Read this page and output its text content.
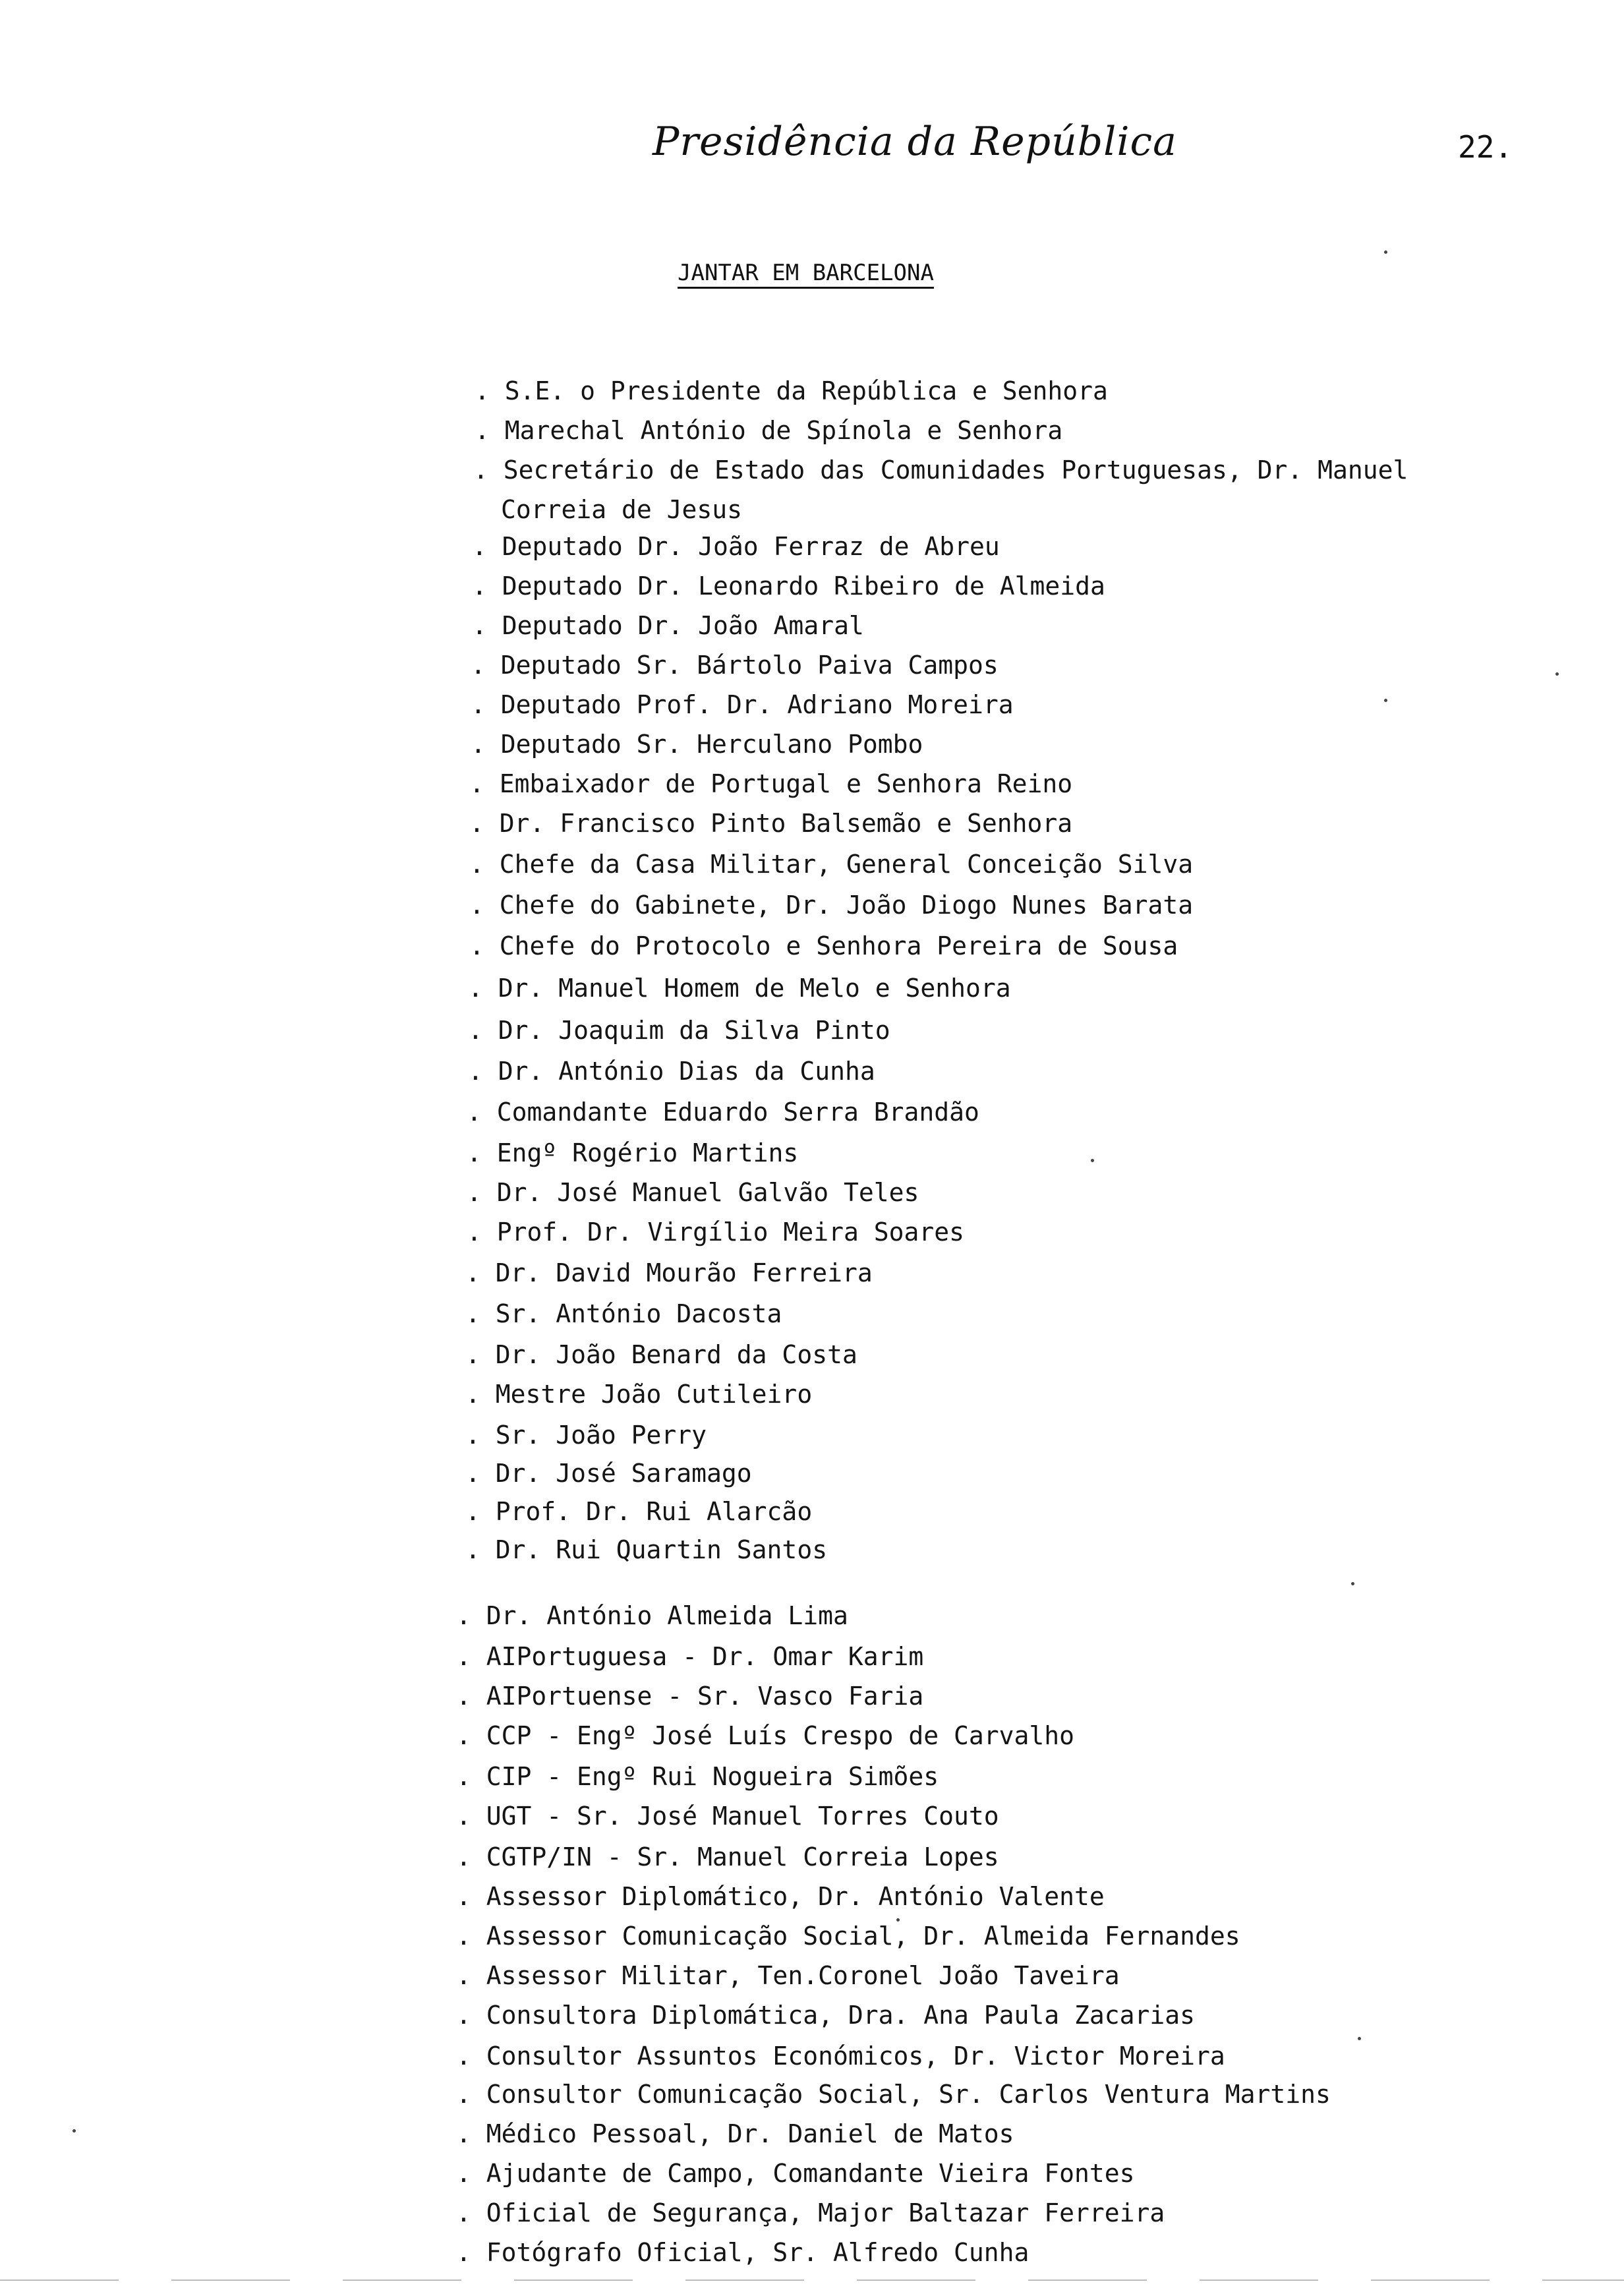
Presidência da República	22.
JANTAR EM BARCELONA
. S.E. o Presidente da República e Senhora
. Marechal António de Spínola e Senhora
. Secretário de Estado das Comunidades Portuguesas, Dr. Manuel
Correia de Jesus
. Deputado Dr. João Ferraz de Abreu
. Deputado Dr. Leonardo Ribeiro de Almeida
. Deputado Dr. João Amaral
. Deputado Sr. Bártolo Paiva Campos
. Deputado Prof. Dr. Adriano Moreira
. Deputado Sr. Herculano Pombo
. Embaixador de Portugal e Senhora Reino
. Dr. Francisco Pinto Balsemão e Senhora
. Chefe da Casa Militar, General Conceição Silva
. Chefe do Gabinete, Dr. João Diogo Nunes Barata
. Chefe do Protocolo e Senhora Pereira de Sousa
. Dr. Manuel Homem de Melo e Senhora
. Dr. Joaquim da Silva Pinto
. Dr. António Dias da Cunha
. Comandante Eduardo Serra Brandão
. Engº Rogério Martins
. Dr. José Manuel Galvão Teles
. Prof. Dr. Virgílio Meira Soares
. Dr. David Mourão Ferreira
. Sr. António Dacosta
. Dr. João Benard da Costa
. Mestre João Cutileiro
. Sr. João Perry
. Dr. José Saramago
. Prof. Dr. Rui Alarcão
. Dr. Rui Quartin Santos
. Dr. António Almeida Lima
. AIPortuguesa - Dr. Omar Karim
. AIPortuense - Sr. Vasco Faria
. CCP - Engº José Luís Crespo de Carvalho
. CIP - Engº Rui Nogueira Simões
. UGT - Sr. José Manuel Torres Couto
. CGTP/IN - Sr. Manuel Correia Lopes
. Assessor Diplomático, Dr. António Valente
. Assessor Comunicação Social, Dr. Almeida Fernandes
. Assessor Militar, Ten.Coronel João Taveira
. Consultora Diplomática, Dra. Ana Paula Zacarias
. Consultor Assuntos Económicos, Dr. Victor Moreira
. Consultor Comunicação Social, Sr. Carlos Ventura Martins
. Médico Pessoal, Dr. Daniel de Matos
. Ajudante de Campo, Comandante Vieira Fontes
. Oficial de Segurança, Major Baltazar Ferreira
. Fotógrafo Oficial, Sr. Alfredo Cunha
